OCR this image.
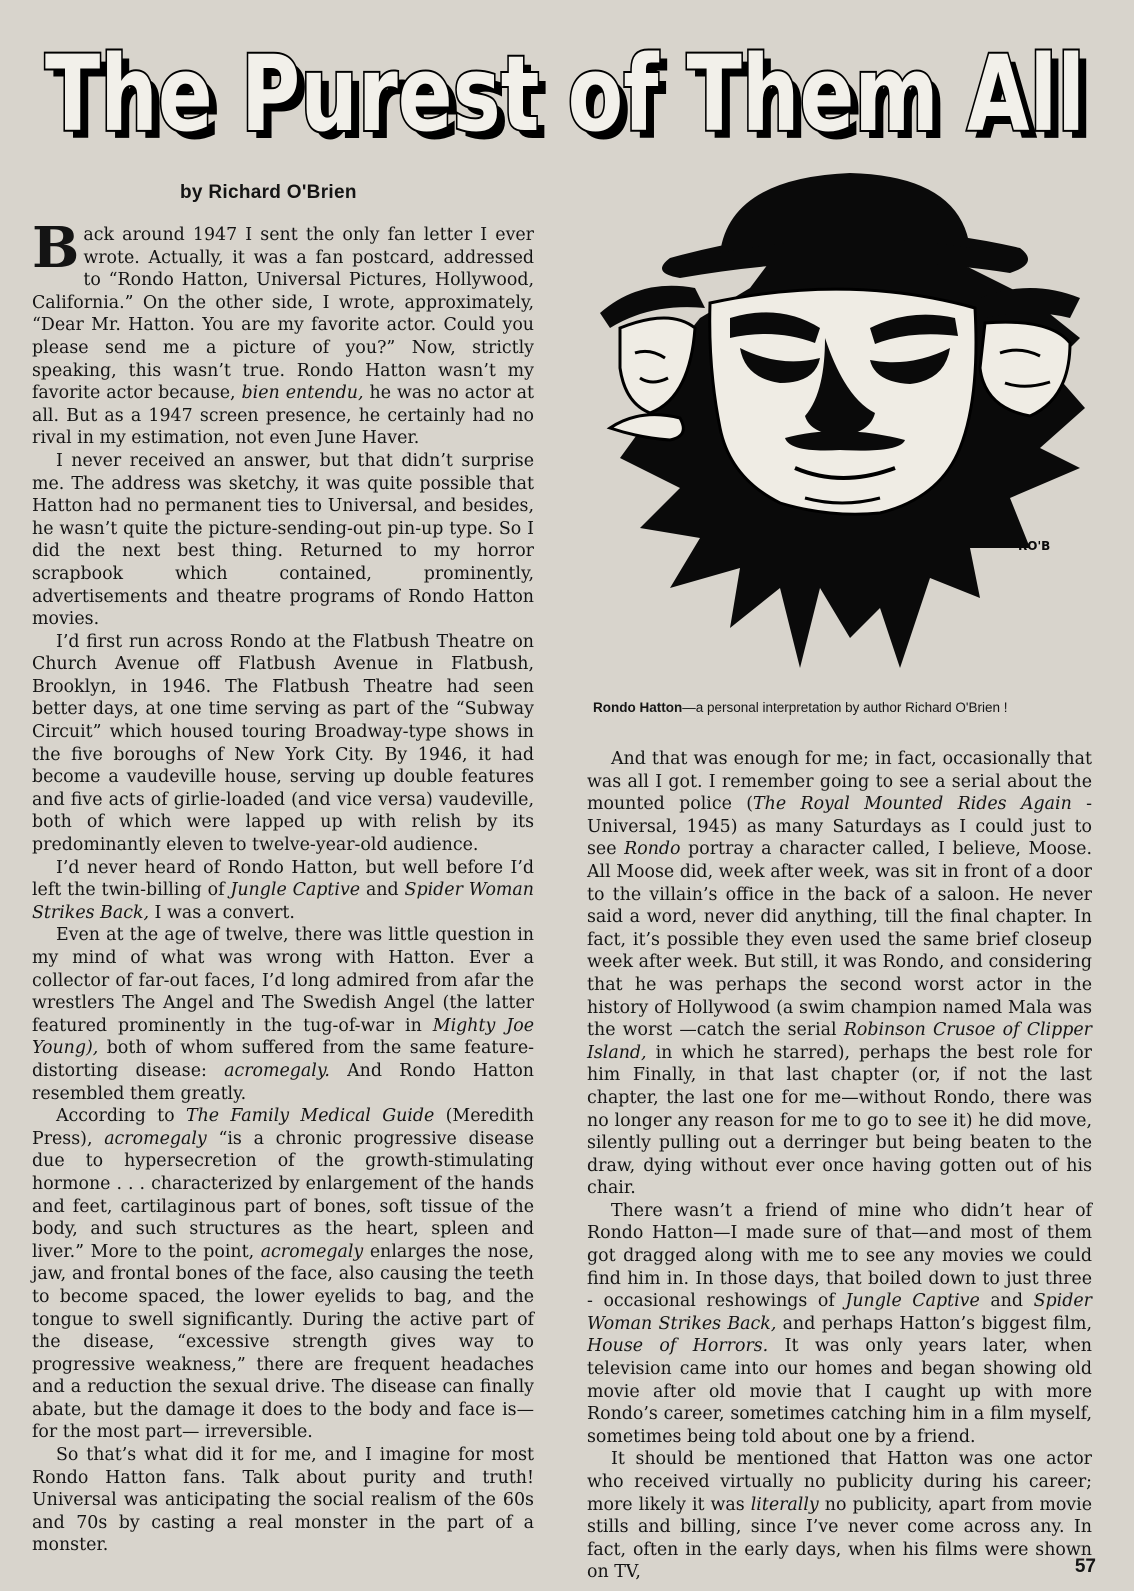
The Purest of Them All
The Purest of Them All
by Richard O'Brien

Back around 1947 I sent the only fan letter I ever wrote. Actually, it was a fan postcard, addressed to “Rondo Hatton, Universal Pictures, Hollywood, California.” On the other side, I wrote, approximately, “Dear Mr. Hatton. You are my favorite actor. Could you please send me a picture of you?” Now, strictly speaking, this wasn’t true. Rondo Hatton wasn’t my favorite actor because, bien entendu, he was no actor at all. But as a 1947 screen presence, he certainly had no rival in my estimation, not even June Haver.

I never received an answer, but that didn’t surprise me. The address was sketchy, it was quite possible that Hatton had no permanent ties to Universal, and besides, he wasn’t quite the picture-sending-out pin-up type. So I did the next best thing. Returned to my horror scrapbook which contained, prominently, advertisements and theatre programs of Rondo Hatton movies.

I’d first run across Rondo at the Flatbush Theatre on Church Avenue off Flatbush Avenue in Flatbush, Brooklyn, in 1946. The Flatbush Theatre had seen better days, at one time serving as part of the “Subway Circuit” which housed touring Broadway-type shows in the five boroughs of New York City. By 1946, it had become a vaudeville house, serving up double features and five acts of girlie-loaded (and vice versa) vaudeville, both of which were lapped up with relish by its predominantly eleven to twelve-year-old audience.

I’d never heard of Rondo Hatton, but well before I’d left the twin-billing of Jungle Captive and Spider Woman Strikes Back, I was a convert.

Even at the age of twelve, there was little question in my mind of what was wrong with Hatton. Ever a collector of far-out faces, I’d long admired from afar the wrestlers The Angel and The Swedish Angel (the latter featured prominently in the tug-of-war in Mighty Joe Young), both of whom suffered from the same feature-distorting disease: acromegaly. And Rondo Hatton resembled them greatly.

According to The Family Medical Guide (Meredith Press), acromegaly “is a chronic progressive disease due to hypersecretion of the growth-stimulating hormone . . . characterized by enlargement of the hands and feet, cartilaginous part of bones, soft tissue of the body, and such structures as the heart, spleen and liver.” More to the point, acromegaly enlarges the nose, jaw, and frontal bones of the face, also causing the teeth to become spaced, the lower eyelids to bag, and the tongue to swell significantly. During the active part of the disease, “excessive strength gives way to progressive weakness,” there are frequent headaches and a reduction the sexual drive. The disease can finally abate, but the damage it does to the body and face is—for the most part— irreversible.

So that’s what did it for me, and I imagine for most Rondo Hatton fans. Talk about purity and truth! Universal was anticipating the social realism of the 60s and 70s by casting a real monster in the part of a monster.

RO'B
Rondo Hatton—a personal interpretation by author Richard O'Brien !

And that was enough for me; in fact, occasionally that was all I got. I remember going to see a serial about the mounted police (The Royal Mounted Rides Again - Universal, 1945) as many Saturdays as I could just to see Rondo portray a character called, I believe, Moose. All Moose did, week after week, was sit in front of a door to the villain’s office in the back of a saloon. He never said a word, never did anything, till the final chapter. In fact, it’s possible they even used the same brief closeup week after week. But still, it was Rondo, and considering that he was perhaps the second worst actor in the history of Hollywood (a swim champion named Mala was the worst —catch the serial Robinson Crusoe of Clipper Island, in which he starred), perhaps the best role for him Finally, in that last chapter (or, if not the last chapter, the last one for me—without Rondo, there was no longer any reason for me to go to see it) he did move, silently pulling out a derringer but being beaten to the draw, dying without ever once having gotten out of his chair.

There wasn’t a friend of mine who didn’t hear of Rondo Hatton—I made sure of that—and most of them got dragged along with me to see any movies we could find him in. In those days, that boiled down to just three - occasional reshowings of Jungle Captive and Spider Woman Strikes Back, and perhaps Hatton’s biggest film, House of Horrors. It was only years later, when television came into our homes and began showing old movie after old movie that I caught up with more Rondo’s career, sometimes catching him in a film myself, sometimes being told about one by a friend.

It should be mentioned that Hatton was one actor who received virtually no publicity during his career; more likely it was literally no publicity, apart from movie stills and billing, since I’ve never come across any. In fact, often in the early days, when his films were shown on TV,	57
